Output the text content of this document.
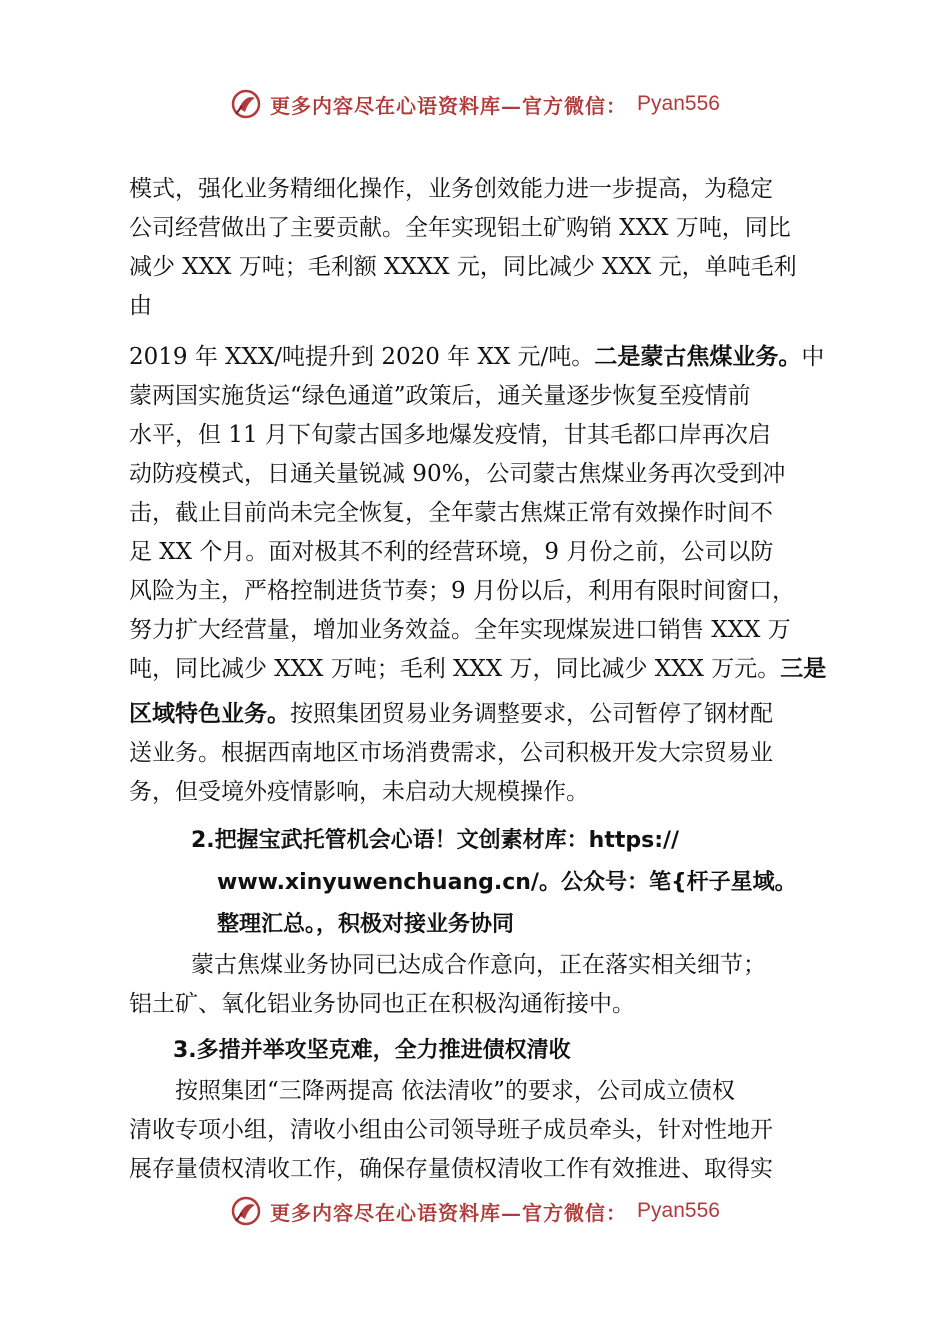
更多内容尽在心语资料库—官方微信： Pyan556
模式，强化业务精细化操作，业务创效能力进一步提高，为稳定
公司经营做出了主要贡献。全年实现铝土矿购销 XXX 万吨，同比
减少 XXX 万吨；毛利额 XXXX 元，同比减少 XXX 元，单吨毛利
由
2019 年 XXX/吨提升到 2020 年 XX 元/吨。二是蒙古焦煤业务。中
蒙两国实施货运“绿色通道”政策后，通关量逐步恢复至疫情前
水平，但 11 月下旬蒙古国多地爆发疫情，甘其毛都口岸再次启
动防疫模式，日通关量锐减 90%，公司蒙古焦煤业务再次受到冲
击，截止目前尚未完全恢复，全年蒙古焦煤正常有效操作时间不
足 XX 个月。面对极其不利的经营环境，9 月份之前，公司以防
风险为主，严格控制进货节奏；9 月份以后，利用有限时间窗口，
努力扩大经营量，增加业务效益。全年实现煤炭进口销售 XXX 万
吨，同比减少 XXX 万吨；毛利 XXX 万，同比减少 XXX 万元。三是
区域特色业务。按照集团贸易业务调整要求，公司暂停了钢材配
送业务。根据西南地区市场消费需求，公司积极开发大宗贸易业
务，但受境外疫情影响，未启动大规模操作。
2.把握宝武托管机会心语！文创素材库：https://
www.xinyuwenchuang.cn/。公众号：笔{杆子星域。
整理汇总。，积极对接业务协同
蒙古焦煤业务协同已达成合作意向，正在落实相关细节；
铝土矿、氧化铝业务协同也正在积极沟通衔接中。
3.多措并举攻坚克难，全力推进债权清收
按照集团“三降两提高 依法清收”的要求，公司成立债权
清收专项小组，清收小组由公司领导班子成员牵头，针对性地开
展存量债权清收工作，确保存量债权清收工作有效推进、取得实
更多内容尽在心语资料库—官方微信： Pyan556
